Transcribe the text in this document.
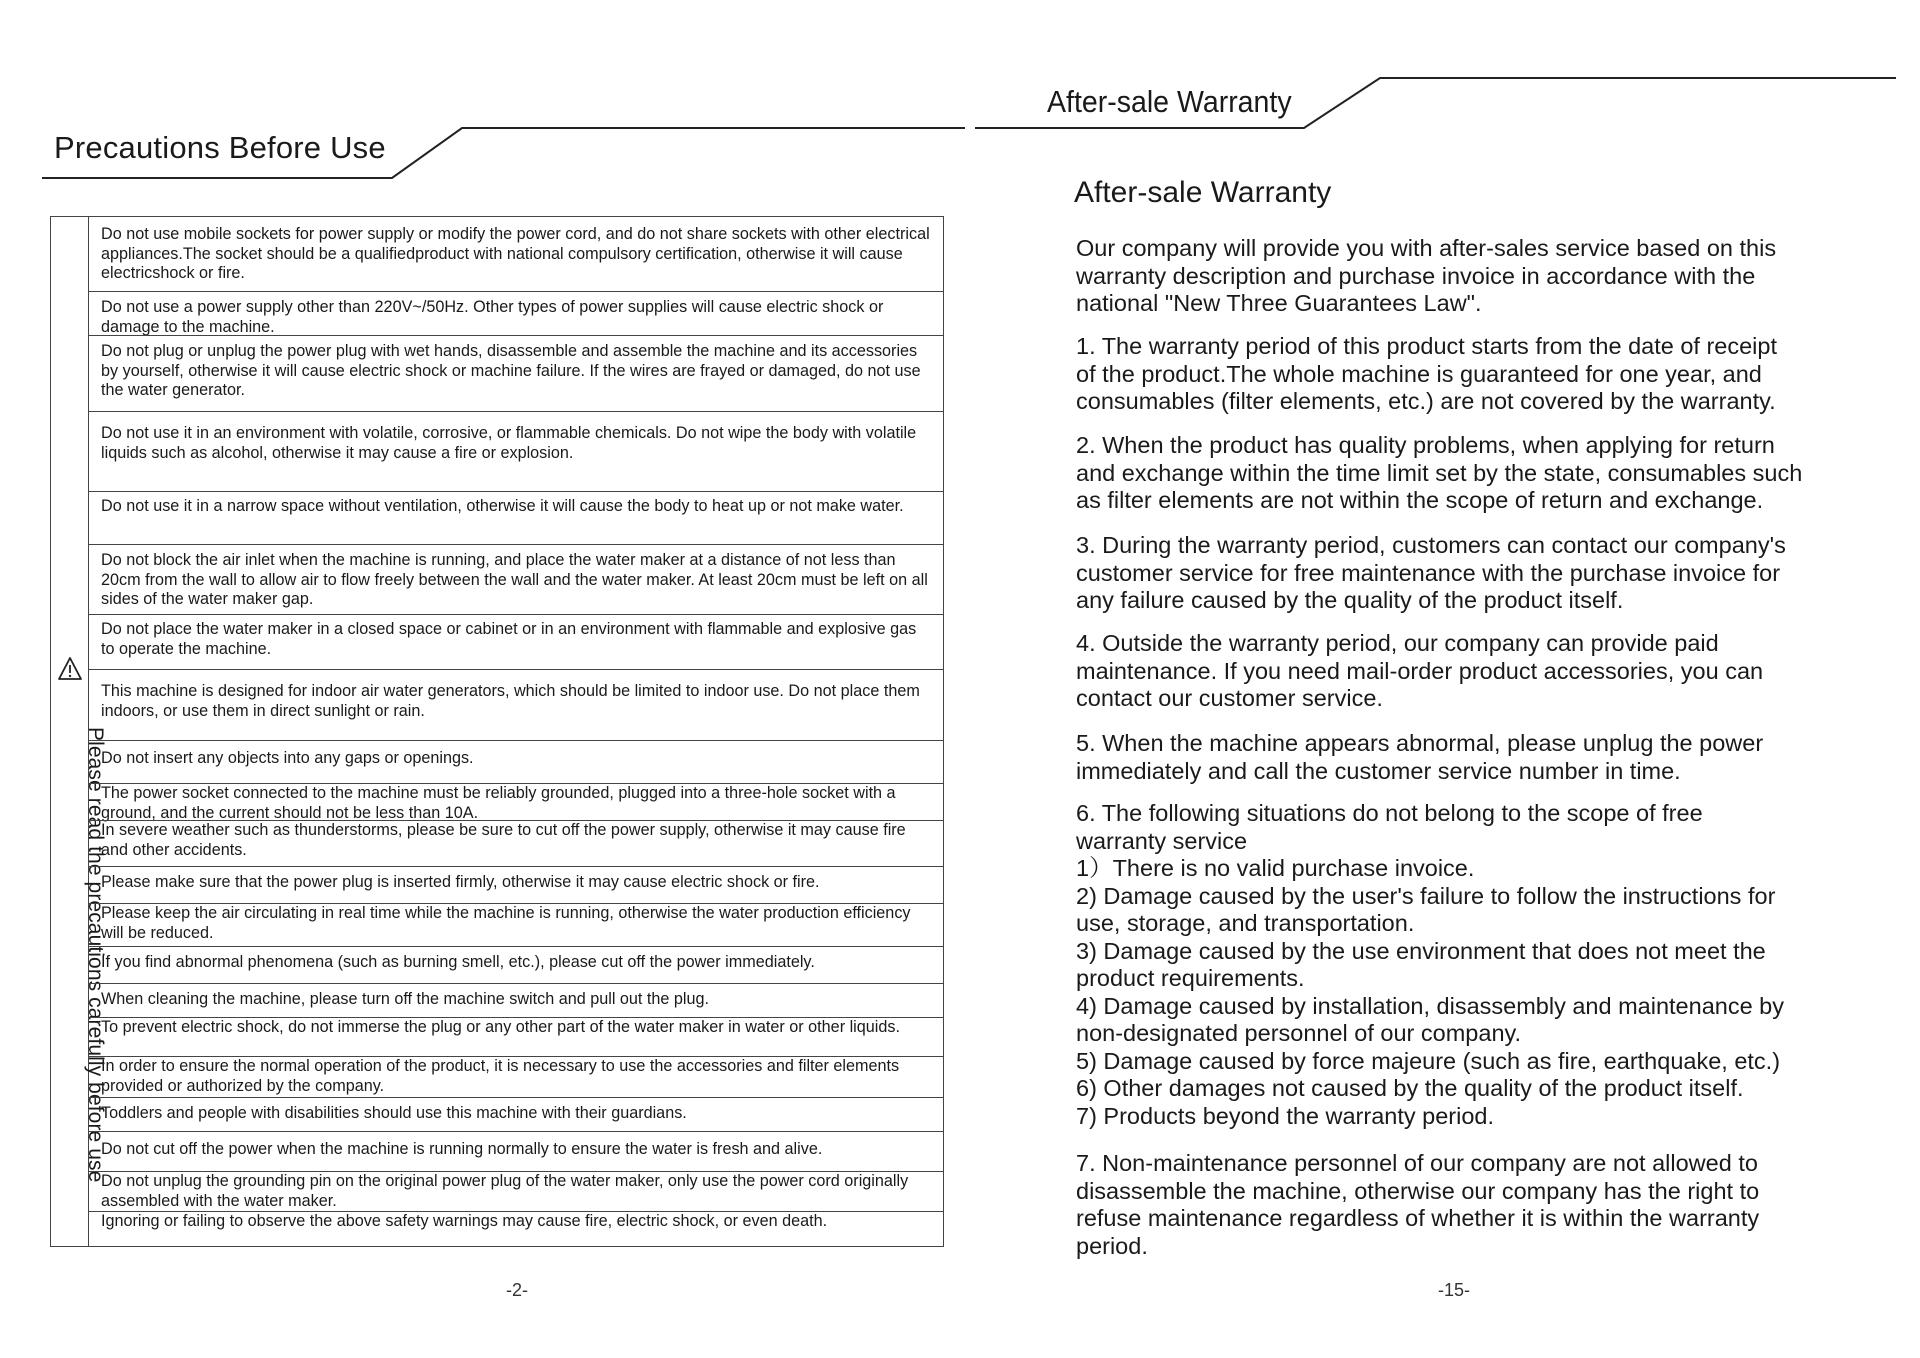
Precautions Before Use
Please read the precautions carefully before use
Do not use mobile sockets for power supply or modify the power cord, and do not share sockets with other electrical appliances.The socket should be a qualifiedproduct with national compulsory certification, otherwise it will cause electricshock or fire.
Do not use a power supply other than 220V~/50Hz. Other types of power supplies will cause electric shock or damage to the machine.
Do not plug or unplug the power plug with wet hands, disassemble and assemble the machine and its accessories by yourself, otherwise it will cause electric shock or machine failure. If the wires are frayed or damaged, do not use the water generator.
Do not use it in an environment with volatile, corrosive, or flammable chemicals. Do not wipe the body with volatile liquids such as alcohol, otherwise it may cause a fire or explosion.
Do not use it in a narrow space without ventilation, otherwise it will cause the body to heat up or not make water.
Do not block the air inlet when the machine is running, and place the water maker at a distance of not less than 20cm from the wall to allow air to flow freely between the wall and the water maker. At least 20cm must be left on all sides of the water maker gap.
Do not place the water maker in a closed space or cabinet or in an environment with flammable and explosive gas to operate the machine.
This machine is designed for indoor air water generators, which should be limited to indoor use. Do not place them indoors, or use them in direct sunlight or rain.
Do not insert any objects into any gaps or openings.
The power socket connected to the machine must be reliably grounded, plugged into a three-hole socket with a ground, and the current should not be less than 10A.
In severe weather such as thunderstorms, please be sure to cut off the power supply, otherwise it may cause fire and other accidents.
Please make sure that the power plug is inserted firmly, otherwise it may cause electric shock or fire.
Please keep the air circulating in real time while the machine is running, otherwise the water production efficiency will be reduced.
If you find abnormal phenomena (such as burning smell, etc.), please cut off the power immediately.
When cleaning the machine, please turn off the machine switch and pull out the plug.
To prevent electric shock, do not immerse the plug or any other part of the water maker in water or other liquids.
In order to ensure the normal operation of the product, it is necessary to use the accessories and filter elements provided or authorized by the company.
Toddlers and people with disabilities should use this machine with their guardians.
Do not cut off the power when the machine is running normally to ensure the water is fresh and alive.
Do not unplug the grounding pin on the original power plug of the water maker, only use the power cord originally assembled with the water maker.
Ignoring or failing to observe the above safety warnings may cause fire, electric shock, or even death.
-2-
After-sale Warranty
After-sale Warranty
Our company will provide you with after-sales service based on this
warranty description and purchase invoice in accordance with the
national "New Three Guarantees Law".
1. The warranty period of this product starts from the date of receipt
of the product.The whole machine is guaranteed for one year, and
consumables (filter elements, etc.) are not covered by the warranty.
2. When the product has quality problems, when applying for return
and exchange within the time limit set by the state, consumables such
as filter elements are not within the scope of return and exchange.
3. During the warranty period, customers can contact our company's
customer service for free maintenance with the purchase invoice for
any failure caused by the quality of the product itself.
4. Outside the warranty period, our company can provide paid
maintenance. If you need mail-order product accessories, you can
contact our customer service.
5. When the machine appears abnormal, please unplug the power
immediately and call the customer service number in time.
6. The following situations do not belong to the scope of free
warranty service
1）There is no valid purchase invoice.
2) Damage caused by the user's failure to follow the instructions for
use, storage, and transportation.
3) Damage caused by the use environment that does not meet the
product requirements.
4) Damage caused by installation, disassembly and maintenance by
non-designated personnel of our company.
5) Damage caused by force majeure (such as fire, earthquake, etc.)
6) Other damages not caused by the quality of the product itself.
7) Products beyond the warranty period.
7. Non-maintenance personnel of our company are not allowed to
disassemble the machine, otherwise our company has the right to
refuse maintenance regardless of whether it is within the warranty
period.
-15-
